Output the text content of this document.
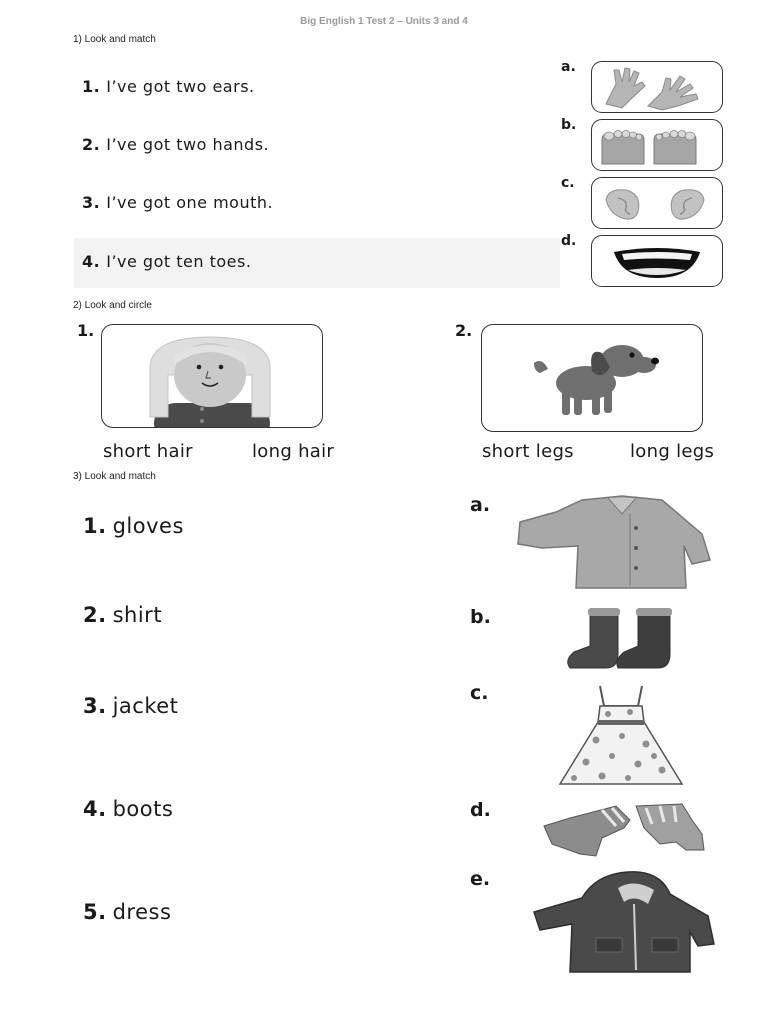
Big English 1 Test 2 – Units 3 and 4
1) Look and match
1. I’ve got two ears.
2. I’ve got two hands.
3. I’ve got one mouth.
4. I’ve got ten toes.
a.
b.
c.
d.
2) Look and circle
1.
short hair	long hair
2.
short legs	long legs
3) Look and match
1. gloves
2. shirt
3. jacket
4. boots
5. dress
a.
b.
c.
d.
e.
